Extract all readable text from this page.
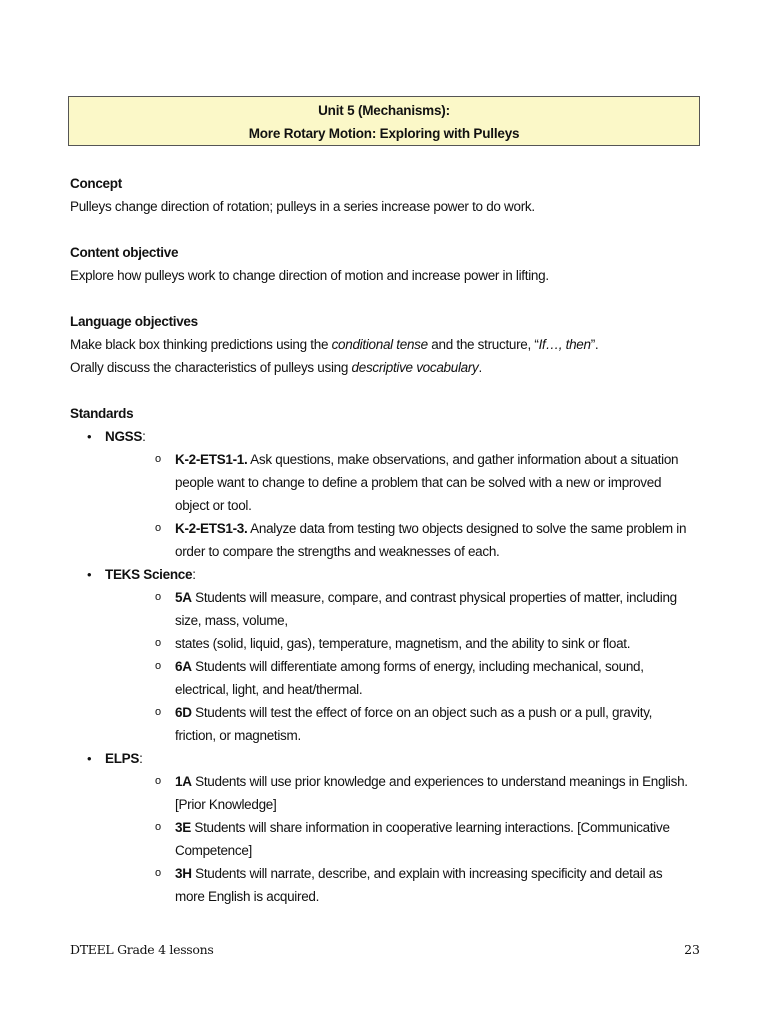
Unit 5 (Mechanisms):
More Rotary Motion: Exploring with Pulleys
Concept
Pulleys change direction of rotation; pulleys in a series increase power to do work.
Content objective
Explore how pulleys work to change direction of motion and increase power in lifting.
Language objectives
Make black box thinking predictions using the conditional tense and the structure, “If…, then”.
Orally discuss the characteristics of pulleys using descriptive vocabulary.
Standards
• NGSS:
o K-2-ETS1-1. Ask questions, make observations, and gather information about a situation people want to change to define a problem that can be solved with a new or improved object or tool.
o K-2-ETS1-3. Analyze data from testing two objects designed to solve the same problem in order to compare the strengths and weaknesses of each.
• TEKS Science:
o 5A Students will measure, compare, and contrast physical properties of matter, including size, mass, volume,
o states (solid, liquid, gas), temperature, magnetism, and the ability to sink or float.
o 6A Students will differentiate among forms of energy, including mechanical, sound, electrical, light, and heat/thermal.
o 6D Students will test the effect of force on an object such as a push or a pull, gravity, friction, or magnetism.
• ELPS:
o 1A Students will use prior knowledge and experiences to understand meanings in English. [Prior Knowledge]
o 3E Students will share information in cooperative learning interactions. [Communicative Competence]
o 3H Students will narrate, describe, and explain with increasing specificity and detail as more English is acquired.
DTEEL Grade 4 lessons	23
